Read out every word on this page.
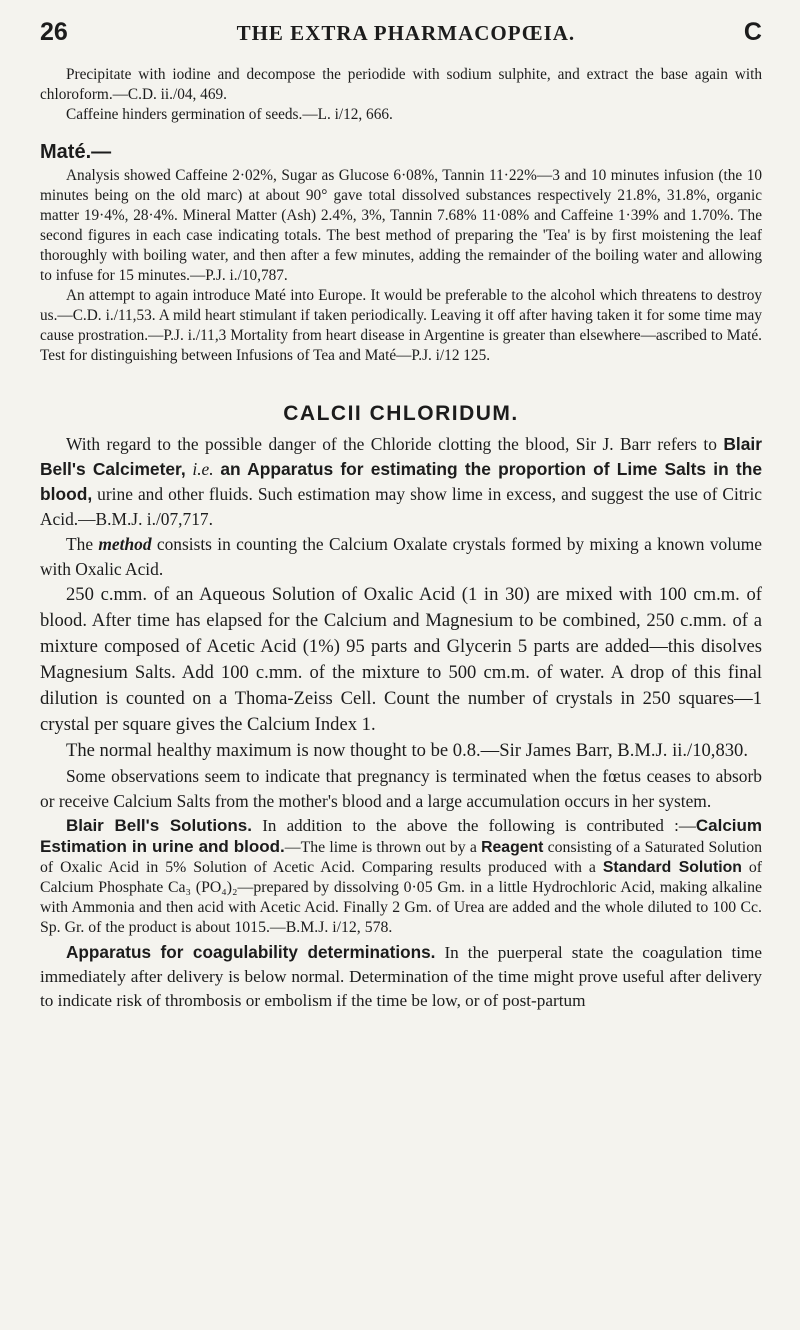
26	THE EXTRA PHARMACOPŒIA.	C

Precipitate with iodine and decompose the periodide with sodium sulphite, and extract the base again with chloroform.—C.D. ii./04, 469.

Caffeine hinders germination of seeds.—L. i/12, 666.

Maté.—

Analysis showed Caffeine 2·02%, Sugar as Glucose 6·08%, Tannin 11·22%—3 and 10 minutes infusion (the 10 minutes being on the old marc) at about 90° gave total dissolved substances respectively 21.8%, 31.8%, organic matter 19·4%, 28·4%. Mineral Matter (Ash) 2.4%, 3%, Tannin 7.68% 11·08% and Caffeine 1·39% and 1.70%. The second figures in each case indicating totals. The best method of preparing the 'Tea' is by first moistening the leaf thoroughly with boiling water, and then after a few minutes, adding the remainder of the boiling water and allowing to infuse for 15 minutes.—P.J. i./10,787.

An attempt to again introduce Maté into Europe. It would be preferable to the alcohol which threatens to destroy us.—C.D. i./11,53. A mild heart stimulant if taken periodically. Leaving it off after having taken it for some time may cause prostration.—P.J. i./11,3 Mortality from heart disease in Argentine is greater than elsewhere—ascribed to Maté. Test for distinguishing between Infusions of Tea and Maté—P.J. i/12 125.

CALCII CHLORIDUM.

With regard to the possible danger of the Chloride clotting the blood, Sir J. Barr refers to Blair Bell's Calcimeter, i.e. an Apparatus for estimating the proportion of Lime Salts in the blood, urine and other fluids. Such estimation may show lime in excess, and suggest the use of Citric Acid.—B.M.J. i./07,717.

The method consists in counting the Calcium Oxalate crystals formed by mixing a known volume with Oxalic Acid.

250 c.mm. of an Aqueous Solution of Oxalic Acid (1 in 30) are mixed with 100 cm.m. of blood. After time has elapsed for the Calcium and Magnesium to be combined, 250 c.mm. of a mixture composed of Acetic Acid (1%) 95 parts and Glycerin 5 parts are added—this disolves Magnesium Salts. Add 100 c.mm. of the mixture to 500 cm.m. of water. A drop of this final dilution is counted on a Thoma-Zeiss Cell. Count the number of crystals in 250 squares—1 crystal per square gives the Calcium Index 1.

The normal healthy maximum is now thought to be 0.8.—Sir James Barr, B.M.J. ii./10,830.

Some observations seem to indicate that pregnancy is terminated when the fœtus ceases to absorb or receive Calcium Salts from the mother's blood and a large accumulation occurs in her system.

Blair Bell's Solutions. In addition to the above the following is contributed :—Calcium Estimation in urine and blood.—The lime is thrown out by a Reagent consisting of a Saturated Solution of Oxalic Acid in 5% Solution of Acetic Acid. Comparing results produced with a Standard Solution of Calcium Phosphate Ca₃ (PO₄)₂—prepared by dissolving 0·05 Gm. in a little Hydrochloric Acid, making alkaline with Ammonia and then acid with Acetic Acid. Finally 2 Gm. of Urea are added and the whole diluted to 100 Cc. Sp. Gr. of the product is about 1015.—B.M.J. i/12, 578.

Apparatus for coagulability determinations. In the puerperal state the coagulation time immediately after delivery is below normal. Determination of the time might prove useful after delivery to indicate risk of thrombosis or embolism if the time be low, or of post-partum
